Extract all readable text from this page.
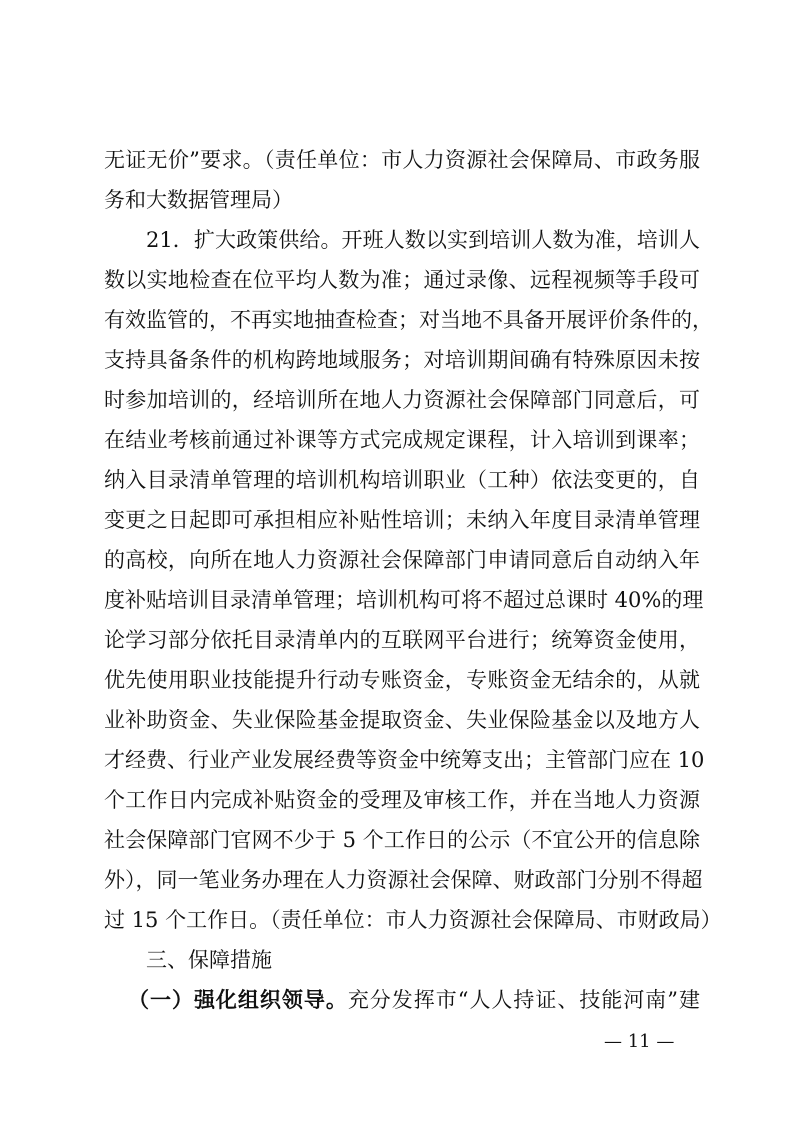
无证无价”要求。（责任单位：市人力资源社会保障局、市政务服
务和大数据管理局）
21．扩大政策供给。开班人数以实到培训人数为准，培训人
数以实地检查在位平均人数为准；通过录像、远程视频等手段可
有效监管的，不再实地抽查检查；对当地不具备开展评价条件的，
支持具备条件的机构跨地域服务；对培训期间确有特殊原因未按
时参加培训的，经培训所在地人力资源社会保障部门同意后，可
在结业考核前通过补课等方式完成规定课程，计入培训到课率；
纳入目录清单管理的培训机构培训职业（工种）依法变更的，自
变更之日起即可承担相应补贴性培训；未纳入年度目录清单管理
的高校，向所在地人力资源社会保障部门申请同意后自动纳入年
度补贴培训目录清单管理；培训机构可将不超过总课时 40%的理
论学习部分依托目录清单内的互联网平台进行；统筹资金使用，
优先使用职业技能提升行动专账资金，专账资金无结余的，从就
业补助资金、失业保险基金提取资金、失业保险基金以及地方人
才经费、行业产业发展经费等资金中统筹支出；主管部门应在 10
个工作日内完成补贴资金的受理及审核工作，并在当地人力资源
社会保障部门官网不少于 5 个工作日的公示（不宜公开的信息除
外），同一笔业务办理在人力资源社会保障、财政部门分别不得超
过 15 个工作日。（责任单位：市人力资源社会保障局、市财政局）
三、保障措施
（一）强化组织领导。充分发挥市“人人持证、技能河南”建
— 11 —
